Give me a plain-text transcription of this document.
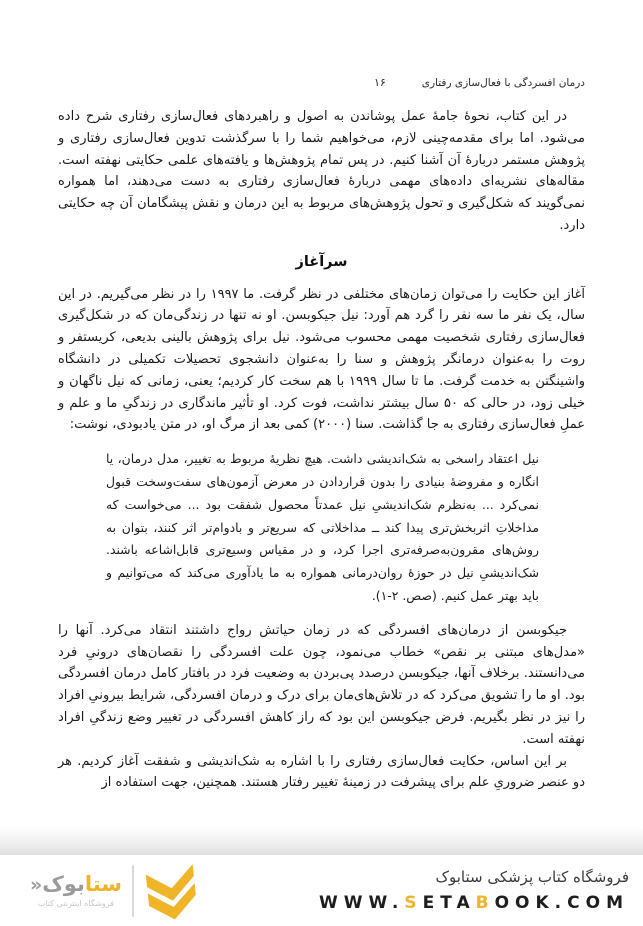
درمان افسردگی با فعال‌سازی رفتاری
۱۶

در این کتاب، نحوهٔ جامهٔ عمل پوشاندن به اصول و راهبردهای فعال‌سازی رفتاری شرح داده می‌شود. اما برای مقدمه‌چینی لازم، می‌خواهیم شما را با سرگذشت تدوین فعال‌سازی رفتاری و پژوهش مستمر دربارهٔ آن آشنا کنیم. در پس تمام پژوهش‌ها و یافته‌های علمی حکایتی نهفته است. مقاله‌های نشریه‌ای داده‌های مهمی دربارهٔ فعال‌سازی رفتاری به دست می‌دهند، اما همواره نمی‌گویند که شکل‌گیری و تحول پژوهش‌های مربوط به این درمان و نقش پیشگامان آن چه حکایتی دارد.

سرآغاز

آغاز این حکایت را می‌توان زمان‌های مختلفی در نظر گرفت. ما ۱۹۹۷ را در نظر می‌گیریم. در این سال، یک نفر ما سه نفر را گرد هم آورد: نیل جیکوبسن. او نه تنها در زندگی‌مان که در شکل‌گیری فعال‌سازی رفتاری شخصیت مهمی محسوب می‌شود. نیل برای پژوهش بالینی بدیعی، کریستفر و روت را به‌عنوان درمانگر پژوهش و سنا را به‌عنوان دانشجوی تحصیلات تکمیلی در دانشگاه واشینگتن به خدمت گرفت. ما تا سال ۱۹۹۹ با هم سخت کار کردیم؛ یعنی، زمانی که نیل ناگهان و خیلی زود، در حالی که ۵۰ سال بیشتر نداشت، فوت کرد. او تأثیر ماندگاری در زندگیِ ما و علم و عملِ فعال‌سازی رفتاری به جا گذاشت. سنا (۲۰۰۰) کمی بعد از مرگ او، در متن یادبودی، نوشت:

نیل اعتقاد راسخی به شک‌اندیشی داشت. هیچ نظریهٔ مربوط به تغییر، مدل درمان، یا انگاره و مفروضهٔ بنیادی را بدون قراردادن در معرض آزمون‌های سفت‌وسخت قبول نمی‌کرد ... به‌نظرم شک‌اندیشیِ نیل عمدتاً محصول شفقت بود ... می‌خواست که مداخلاتِ اثربخش‌تری پیدا کند ــ مداخلاتی که سریع‌تر و بادوام‌تر اثر کنند، بتوان به روش‌های مقرون‌به‌صرفه‌تری اجرا کرد، و در مقیاس وسیع‌تری قابل‌اشاعه باشند. شک‌اندیشیِ نیل در حوزهٔ روان‌درمانی همواره به ما یادآوری می‌کند که می‌توانیم و باید بهتر عمل کنیم. (صص. ۲-۱).

جیکوبسن از درمان‌های افسردگی که در زمان حیاتش رواج داشتند انتقاد می‌کرد. آنها را «مدل‌های مبتنی بر نقص» خطاب می‌نمود، چون علت افسردگی را نقصان‌های درونیِ فرد می‌دانستند. برخلاف آنها، جیکوبسن درصدد پی‌بردن به وضعیت فرد در بافتار کامل درمان افسردگی بود. او ما را تشویق می‌کرد که در تلاش‌های‌مان برای درک و درمان افسردگی، شرایط بیرونیِ افراد را نیز در نظر بگیریم. فرض جیکوبسن این بود که راز کاهش افسردگی در تغییر وضع زندگیِ افراد نهفته است.

بر این اساس، حکایت فعال‌سازی رفتاری را با اشاره به شک‌اندیشی و شفقت آغاز کردیم. هر دو عنصر ضروریِ علم برای پیشرفت در زمینهٔ تغییر رفتار هستند. همچنین، جهت استفاده از

ستابوک«
فروشگاه اینترنتی کتاب
فروشگاه کتاب پزشکی ستابوک
WWW.SETABOOK.COM
